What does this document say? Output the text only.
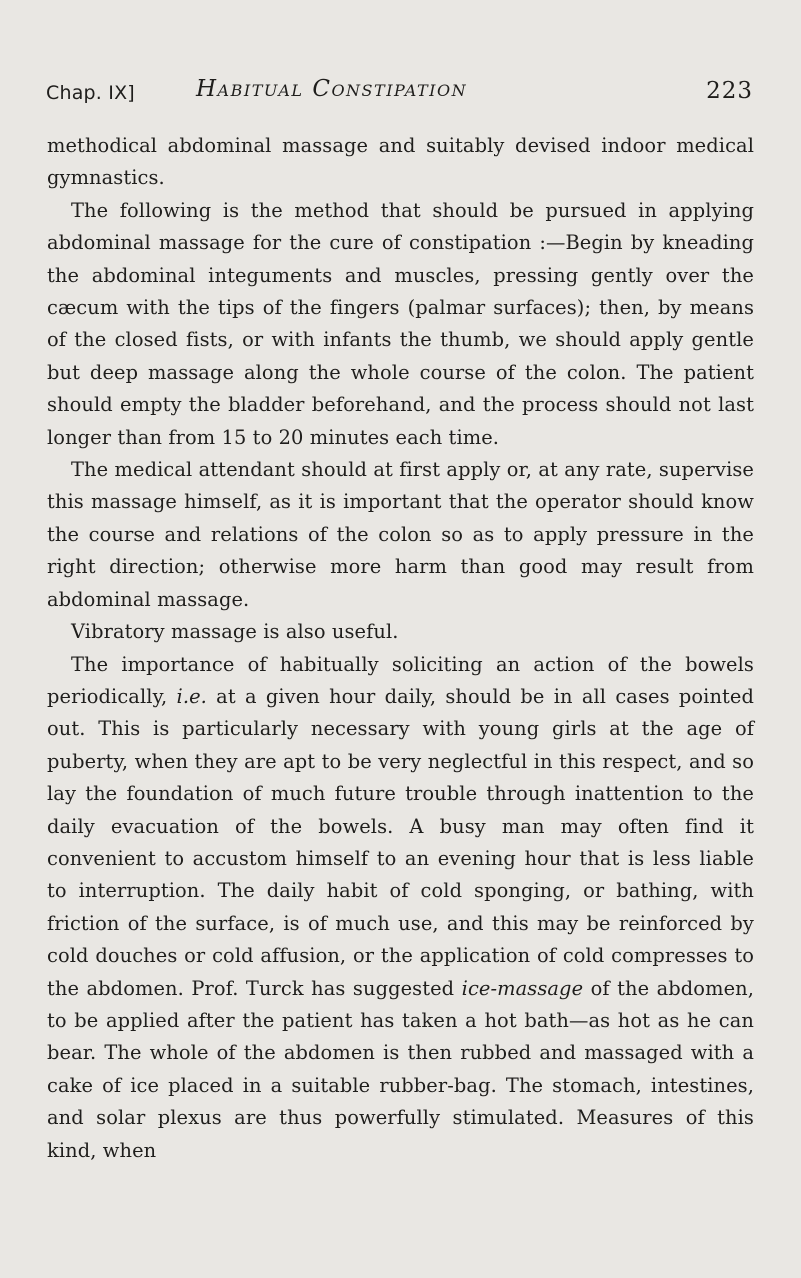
Chap. IX]	Habitual Constipation	223

methodical abdominal massage and suitably devised indoor medical gymnastics.

The following is the method that should be pursued in applying abdominal massage for the cure of constipation :—Begin by kneading the abdominal integuments and muscles, pressing gently over the cæcum with the tips of the fingers (palmar surfaces); then, by means of the closed fists, or with infants the thumb, we should apply gentle but deep massage along the whole course of the colon. The patient should empty the bladder beforehand, and the process should not last longer than from 15 to 20 minutes each time.

The medical attendant should at first apply or, at any rate, supervise this massage himself, as it is important that the operator should know the course and relations of the colon so as to apply pressure in the right direction; otherwise more harm than good may result from abdominal massage.

Vibratory massage is also useful.

The importance of habitually soliciting an action of the bowels periodically, i.e. at a given hour daily, should be in all cases pointed out. This is particularly necessary with young girls at the age of puberty, when they are apt to be very neglectful in this respect, and so lay the foundation of much future trouble through inattention to the daily evacuation of the bowels. A busy man may often find it convenient to accustom himself to an evening hour that is less liable to interruption. The daily habit of cold sponging, or bathing, with friction of the surface, is of much use, and this may be reinforced by cold douches or cold affusion, or the application of cold compresses to the abdomen. Prof. Turck has suggested ice-massage of the abdomen, to be applied after the patient has taken a hot bath—as hot as he can bear. The whole of the abdomen is then rubbed and massaged with a cake of ice placed in a suitable rubber-bag. The stomach, intestines, and solar plexus are thus powerfully stimulated. Measures of this kind, when
